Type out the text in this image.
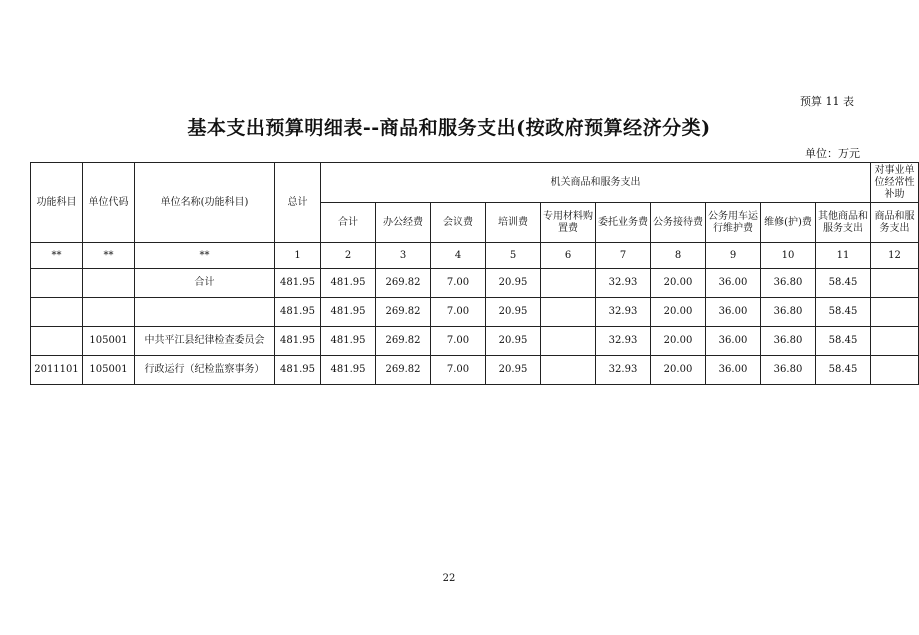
预算 11 表
基本支出预算明细表--商品和服务支出(按政府预算经济分类)
单位：万元
功能科目	单位代码	单位名称(功能科目)	总计	机关商品和服务支出										对事业单位经常性补助
				合计	办公经费	会议费	培训费	专用材料购置费	委托业务费	公务接待费	公务用车运行维护费	维修(护)费	其他商品和服务支出	商品和服务支出
**	**	**	1	2	3	4	5	6	7	8	9	10	11	12
		合计	481.95	481.95	269.82	7.00	20.95		32.93	20.00	36.00	36.80	58.45	
			481.95	481.95	269.82	7.00	20.95		32.93	20.00	36.00	36.80	58.45	
	105001	中共平江县纪律检查委员会	481.95	481.95	269.82	7.00	20.95		32.93	20.00	36.00	36.80	58.45	
2011101	105001	行政运行（纪检监察事务）	481.95	481.95	269.82	7.00	20.95		32.93	20.00	36.00	36.80	58.45	
22
